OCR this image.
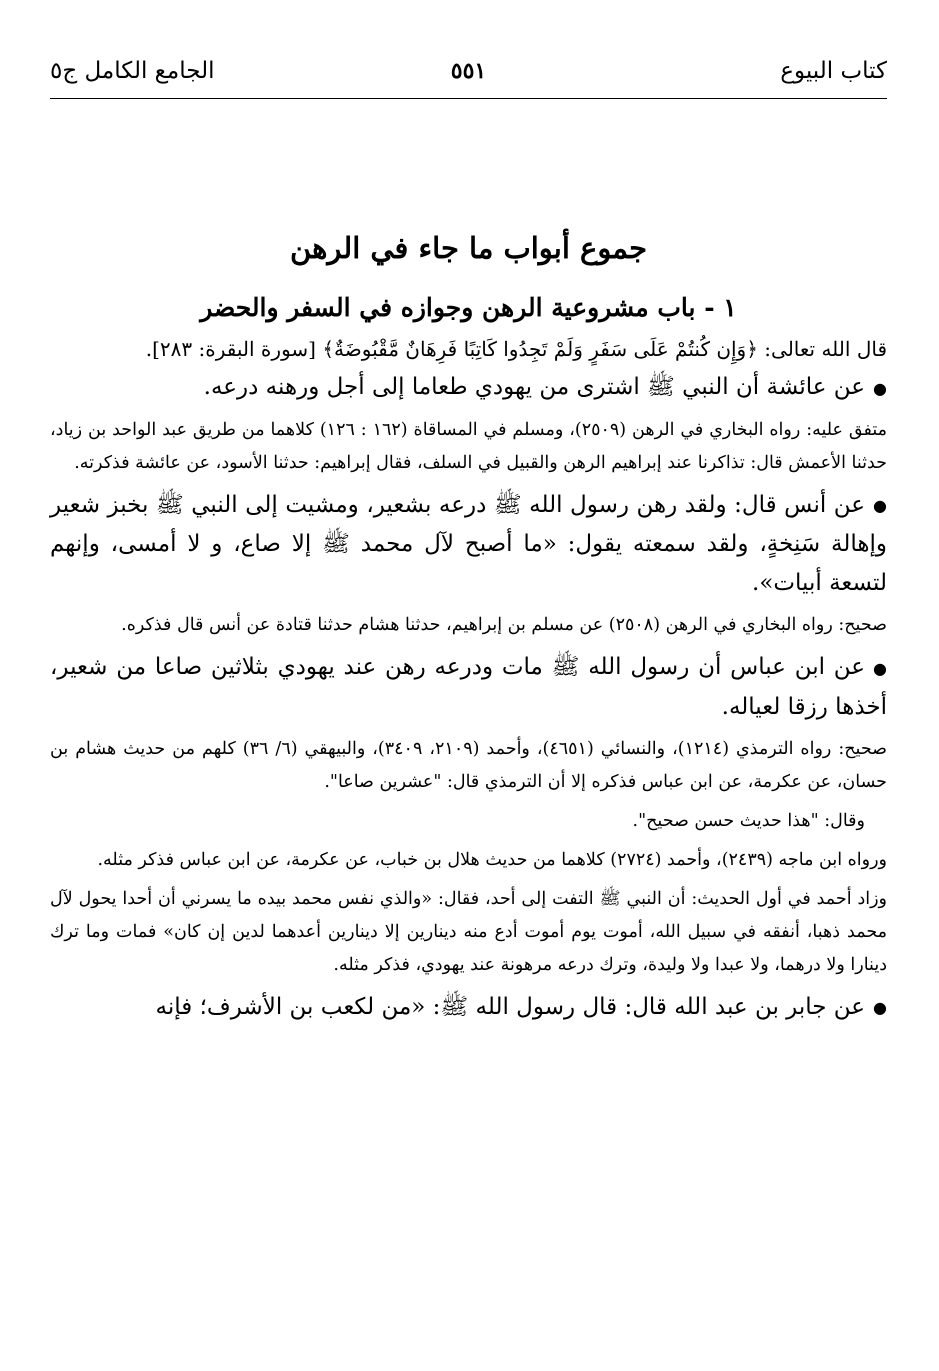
كتاب البيوع
٥٥١
الجامع الكامل ج٥
جموع أبواب ما جاء في الرهن
١ - باب مشروعية الرهن وجوازه في السفر والحضر

قال الله تعالى: ﴿وَإِن كُنتُمْ عَلَى سَفَرٍ وَلَمْ تَجِدُوا كَاتِبًا فَرِهَانٌ مَّقْبُوضَةٌ﴾ [سورة البقرة: ٢٨٣].

●عن عائشة أن النبي ﷺ اشترى من يهودي طعاما إلى أجل ورهنه درعه.

متفق عليه: رواه البخاري في الرهن (٢٥٠٩)، ومسلم في المساقاة (١٦٢ : ١٢٦) كلاهما من طريق عبد الواحد بن زياد، حدثنا الأعمش قال: تذاكرنا عند إبراهيم الرهن والقبيل في السلف، فقال إبراهيم: حدثنا الأسود، عن عائشة فذكرته.

●عن أنس قال: ولقد رهن رسول الله ﷺ درعه بشعير، ومشيت إلى النبي ﷺ بخبز شعير وإهالة سَنِخةٍ، ولقد سمعته يقول: «ما أصبح لآل محمد ﷺ إلا صاع، و لا أمسى، وإنهم لتسعة أبيات».

صحيح: رواه البخاري في الرهن (٢٥٠٨) عن مسلم بن إبراهيم، حدثنا هشام حدثنا قتادة عن أنس قال فذكره.

●عن ابن عباس أن رسول الله ﷺ مات ودرعه رهن عند يهودي بثلاثين صاعا من شعير، أخذها رزقا لعياله.

صحيح: رواه الترمذي (١٢١٤)، والنسائي (٤٦٥١)، وأحمد (٢١٠٩، ٣٤٠٩)، والبيهقي (٦/ ٣٦) كلهم من حديث هشام بن حسان، عن عكرمة، عن ابن عباس فذكره إلا أن الترمذي قال: "عشرين صاعا".

وقال: "هذا حديث حسن صحيح".

ورواه ابن ماجه (٢٤٣٩)، وأحمد (٢٧٢٤) كلاهما من حديث هلال بن خباب، عن عكرمة، عن ابن عباس فذكر مثله.

وزاد أحمد في أول الحديث: أن النبي ﷺ التفت إلى أحد، فقال: «والذي نفس محمد بيده ما يسرني أن أحدا يحول لآل محمد ذهبا، أنفقه في سبيل الله، أموت يوم أموت أدع منه دينارين إلا دينارين أعدهما لدين إن كان» فمات وما ترك دينارا ولا درهما، ولا عبدا ولا وليدة، وترك درعه مرهونة عند يهودي، فذكر مثله.

●عن جابر بن عبد الله قال: قال رسول الله ﷺ: «من لكعب بن الأشرف؛ فإنه
